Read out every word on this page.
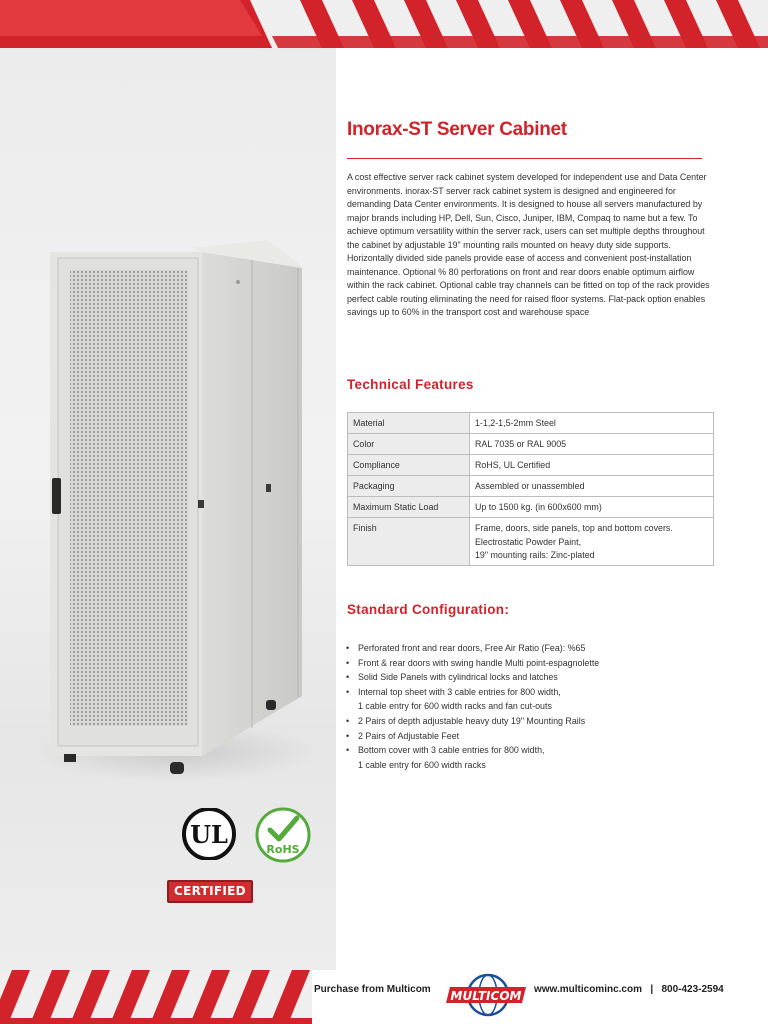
UL
RoHS
CERTIFIED
Inorax-ST Server Cabinet

A cost effective server rack cabinet system developed for independent use and Data Center environments. inorax-ST server rack cabinet system is designed and engineered for demanding Data Center environments. It is designed to house all servers manufactured by major brands including HP, Dell, Sun, Cisco, Juniper, IBM, Compaq to name but a few. To achieve optimum versatility within the server rack, users can set multiple depths throughout the cabinet by adjustable 19" mounting rails mounted on heavy duty side supports. Horizontally divided side panels provide ease of access and convenient post-installation maintenance. Optional % 80 perforations on front and rear doors enable optimum airflow within the rack cabinet. Optional cable tray channels can be fitted on top of the rack provides perfect cable routing eliminating the need for raised floor systems. Flat-pack option enables savings up to 60% in the transport cost and warehouse space

Technical Features
Material	1-1,2-1,5-2mm Steel
Color	RAL 7035 or RAL 9005
Compliance	RoHS, UL Certified
Packaging	Assembled or unassembled
Maximum Static Load	Up to 1500 kg. (in 600x600 mm)
Finish	Frame, doors, side panels, top and bottom covers.
Electrostatic Powder Paint,
19" mounting rails: Zinc-plated
Standard Configuration:
• Perforated front and rear doors, Free Air Ratio (Fea): %65
• Front & rear doors with swing handle Multi point-espagnolette
• Solid Side Panels with cylindrical locks and latches
• Internal top sheet with 3 cable entries for 800 width,
1 cable entry for 600 width racks and fan cut-outs
• 2 Pairs of depth adjustable heavy duty 19" Mounting Rails
• 2 Pairs of Adjustable Feet
• Bottom cover with 3 cable entries for 800 width,
1 cable entry for 600 width racks
Purchase from Multicom MULTICOM www.multicominc.com   |   800-423-2594
